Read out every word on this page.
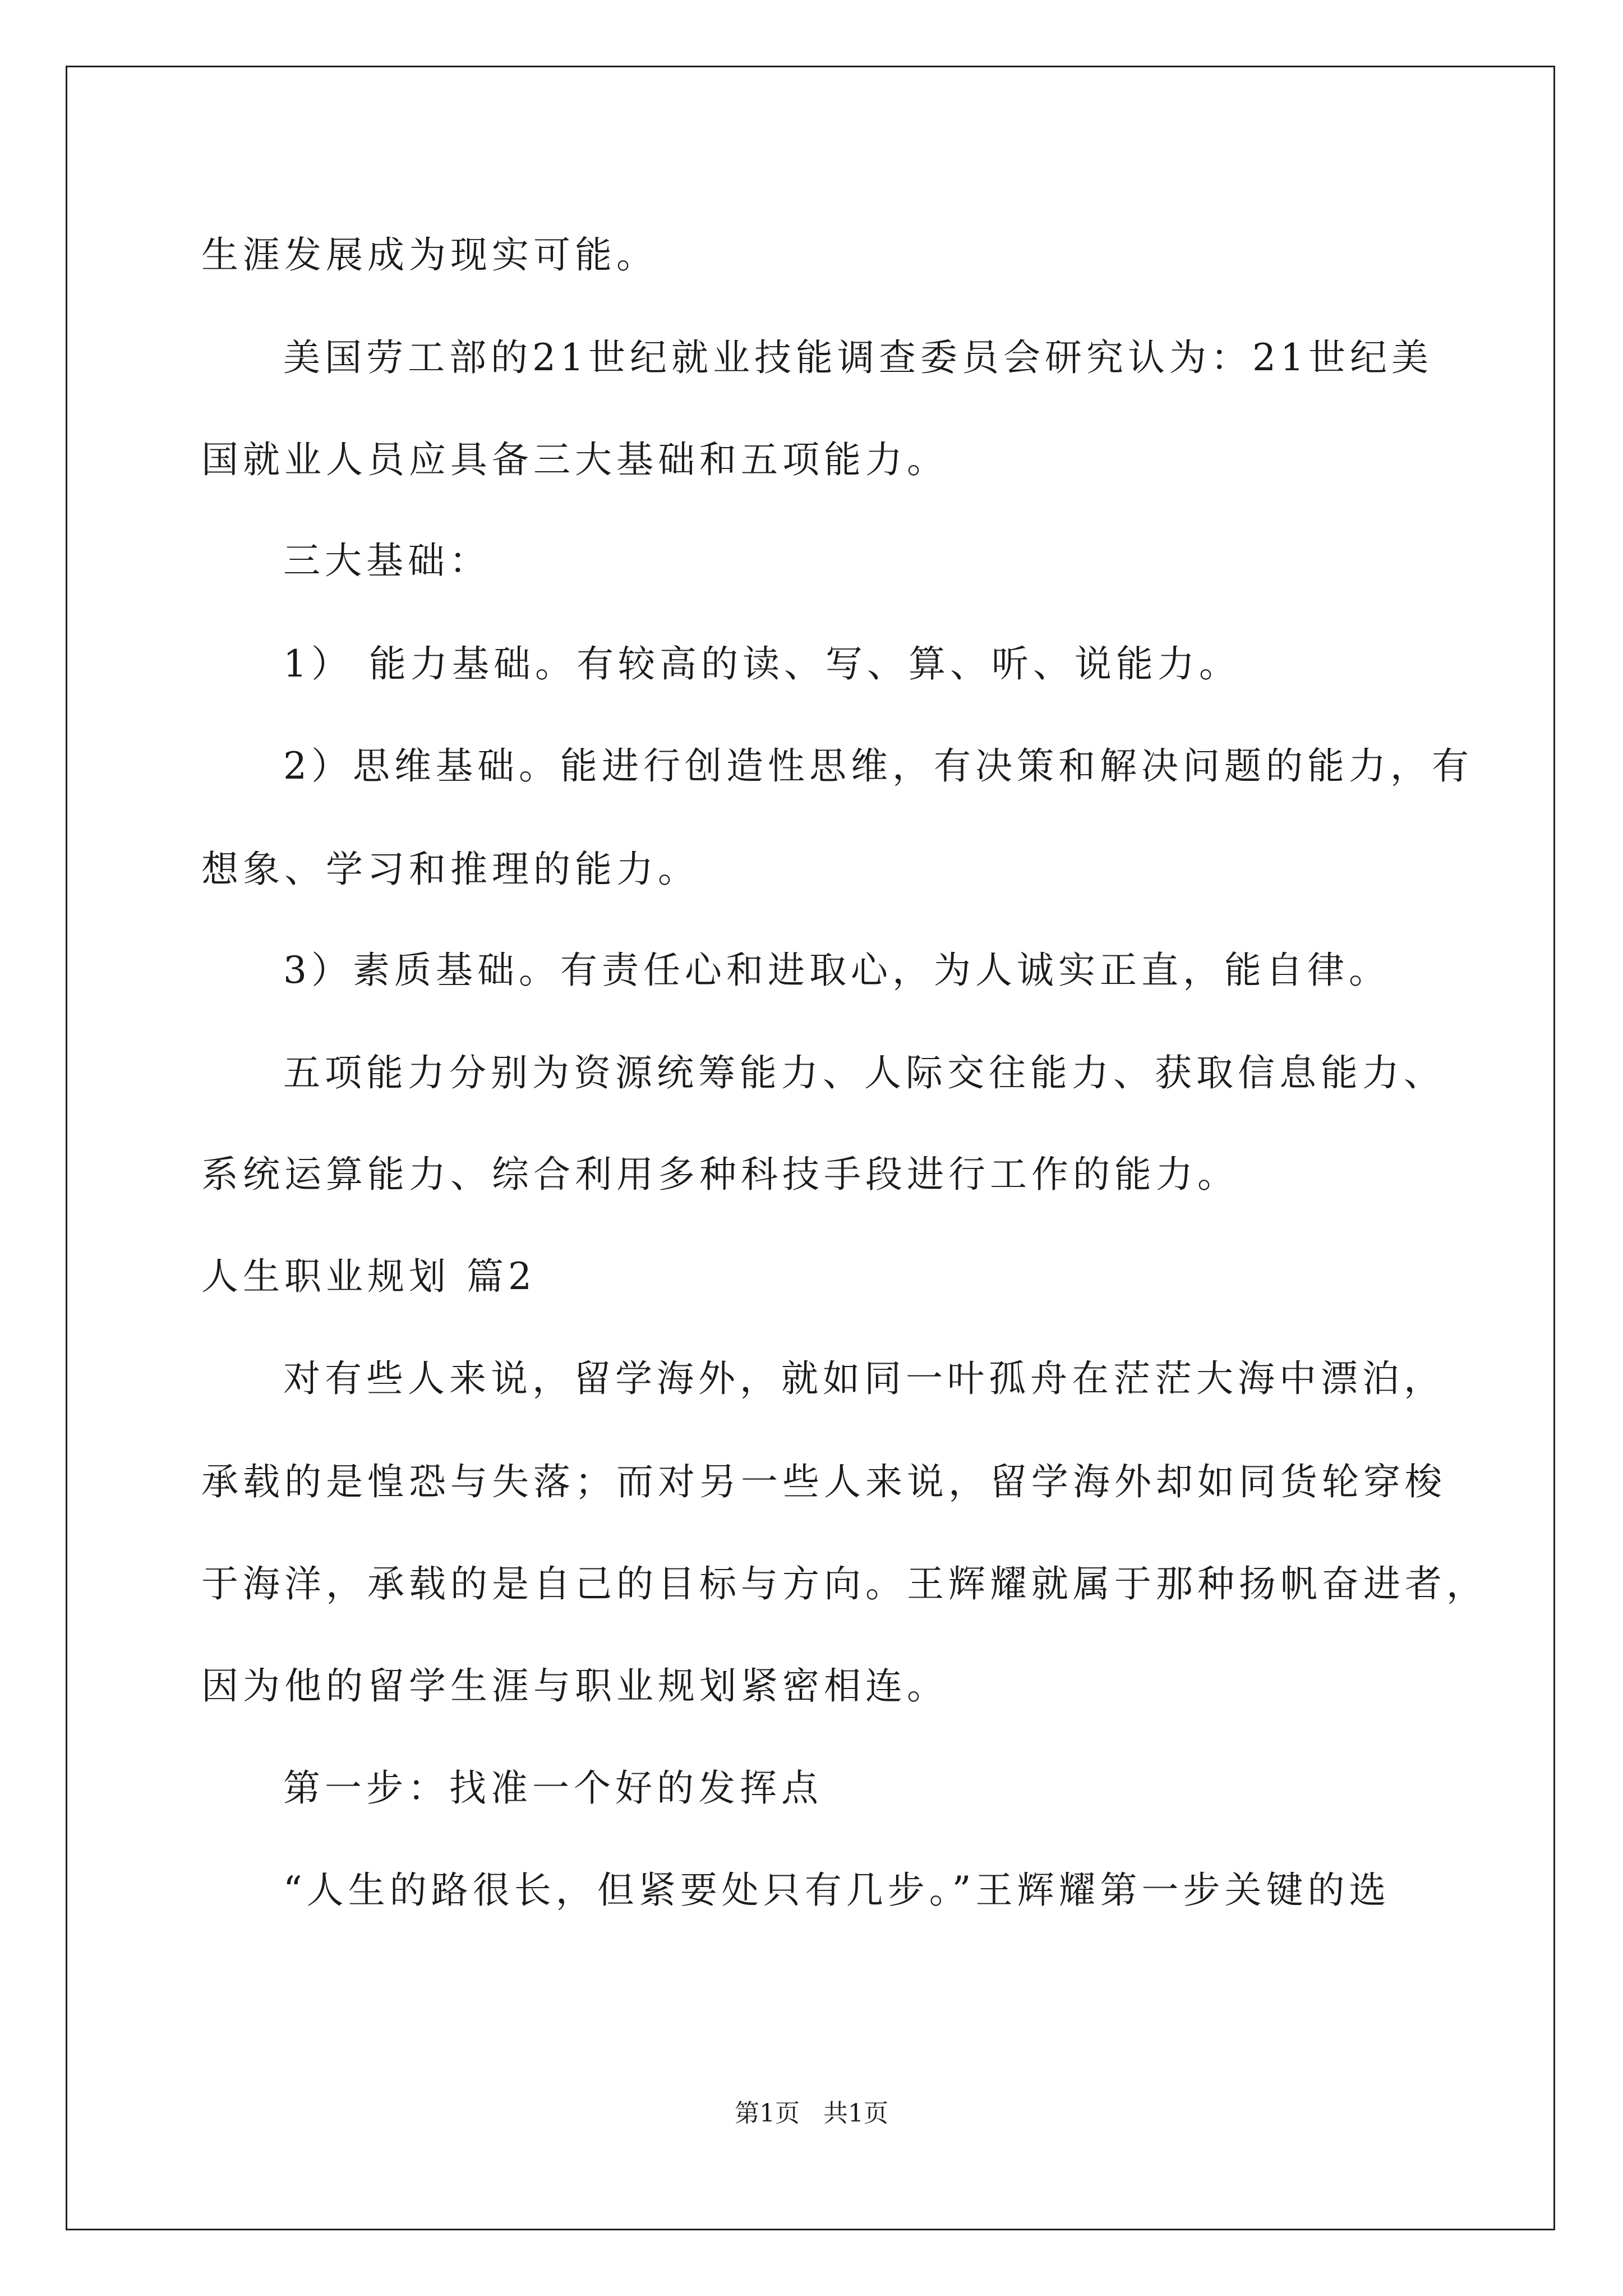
生涯发展成为现实可能。
美国劳工部的21世纪就业技能调查委员会研究认为：21世纪美
国就业人员应具备三大基础和五项能力。
三大基础：
1） 能力基础。有较高的读、写、算、听、说能力。
2）思维基础。能进行创造性思维，有决策和解决问题的能力，有
想象、学习和推理的能力。
3）素质基础。有责任心和进取心，为人诚实正直，能自律。
五项能力分别为资源统筹能力、人际交往能力、获取信息能力、
系统运算能力、综合利用多种科技手段进行工作的能力。
人生职业规划 篇2
对有些人来说，留学海外，就如同一叶孤舟在茫茫大海中漂泊，
承载的是惶恐与失落；而对另一些人来说，留学海外却如同货轮穿梭
于海洋，承载的是自己的目标与方向。王辉耀就属于那种扬帆奋进者，
因为他的留学生涯与职业规划紧密相连。
第一步：找准一个好的发挥点
“人生的路很长，但紧要处只有几步。”王辉耀第一步关键的选
第1页   共1页
